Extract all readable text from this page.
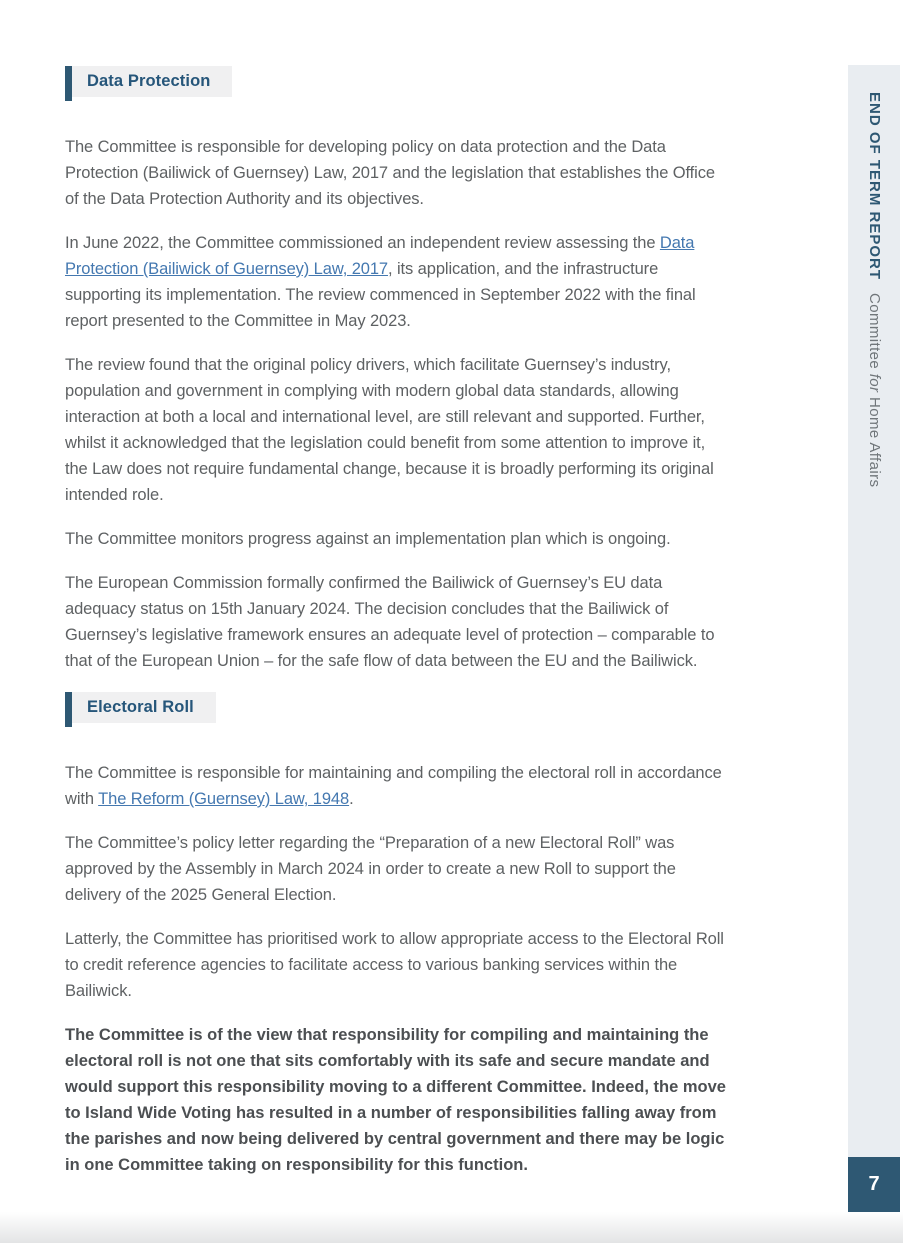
Data Protection

The Committee is responsible for developing policy on data protection and the Data Protection (Bailiwick of Guernsey) Law, 2017 and the legislation that establishes the Office of the Data Protection Authority and its objectives.

In June 2022, the Committee commissioned an independent review assessing the Data Protection (Bailiwick of Guernsey) Law, 2017, its application, and the infrastructure supporting its implementation. The review commenced in September 2022 with the final report presented to the Committee in May 2023.

The review found that the original policy drivers, which facilitate Guernsey’s industry, population and government in complying with modern global data standards, allowing interaction at both a local and international level, are still relevant and supported. Further, whilst it acknowledged that the legislation could benefit from some attention to improve it, the Law does not require fundamental change, because it is broadly performing its original intended role.

The Committee monitors progress against an implementation plan which is ongoing.

The European Commission formally confirmed the Bailiwick of Guernsey’s EU data adequacy status on 15th January 2024. The decision concludes that the Bailiwick of Guernsey’s legislative framework ensures an adequate level of protection – comparable to that of the European Union – for the safe flow of data between the EU and the Bailiwick.

Electoral Roll

The Committee is responsible for maintaining and compiling the electoral roll in accordance with The Reform (Guernsey) Law, 1948.

The Committee’s policy letter regarding the “Preparation of a new Electoral Roll” was approved by the Assembly in March 2024 in order to create a new Roll to support the delivery of the 2025 General Election.

Latterly, the Committee has prioritised work to allow appropriate access to the Electoral Roll to credit reference agencies to facilitate access to various banking services within the Bailiwick.

The Committee is of the view that responsibility for compiling and maintaining the electoral roll is not one that sits comfortably with its safe and secure mandate and would support this responsibility moving to a different Committee. Indeed, the move to Island Wide Voting has resulted in a number of responsibilities falling away from the parishes and now being delivered by central government and there may be logic in one Committee taking on responsibility for this function.

END OF TERM REPORTCommittee for Home Affairs
7
